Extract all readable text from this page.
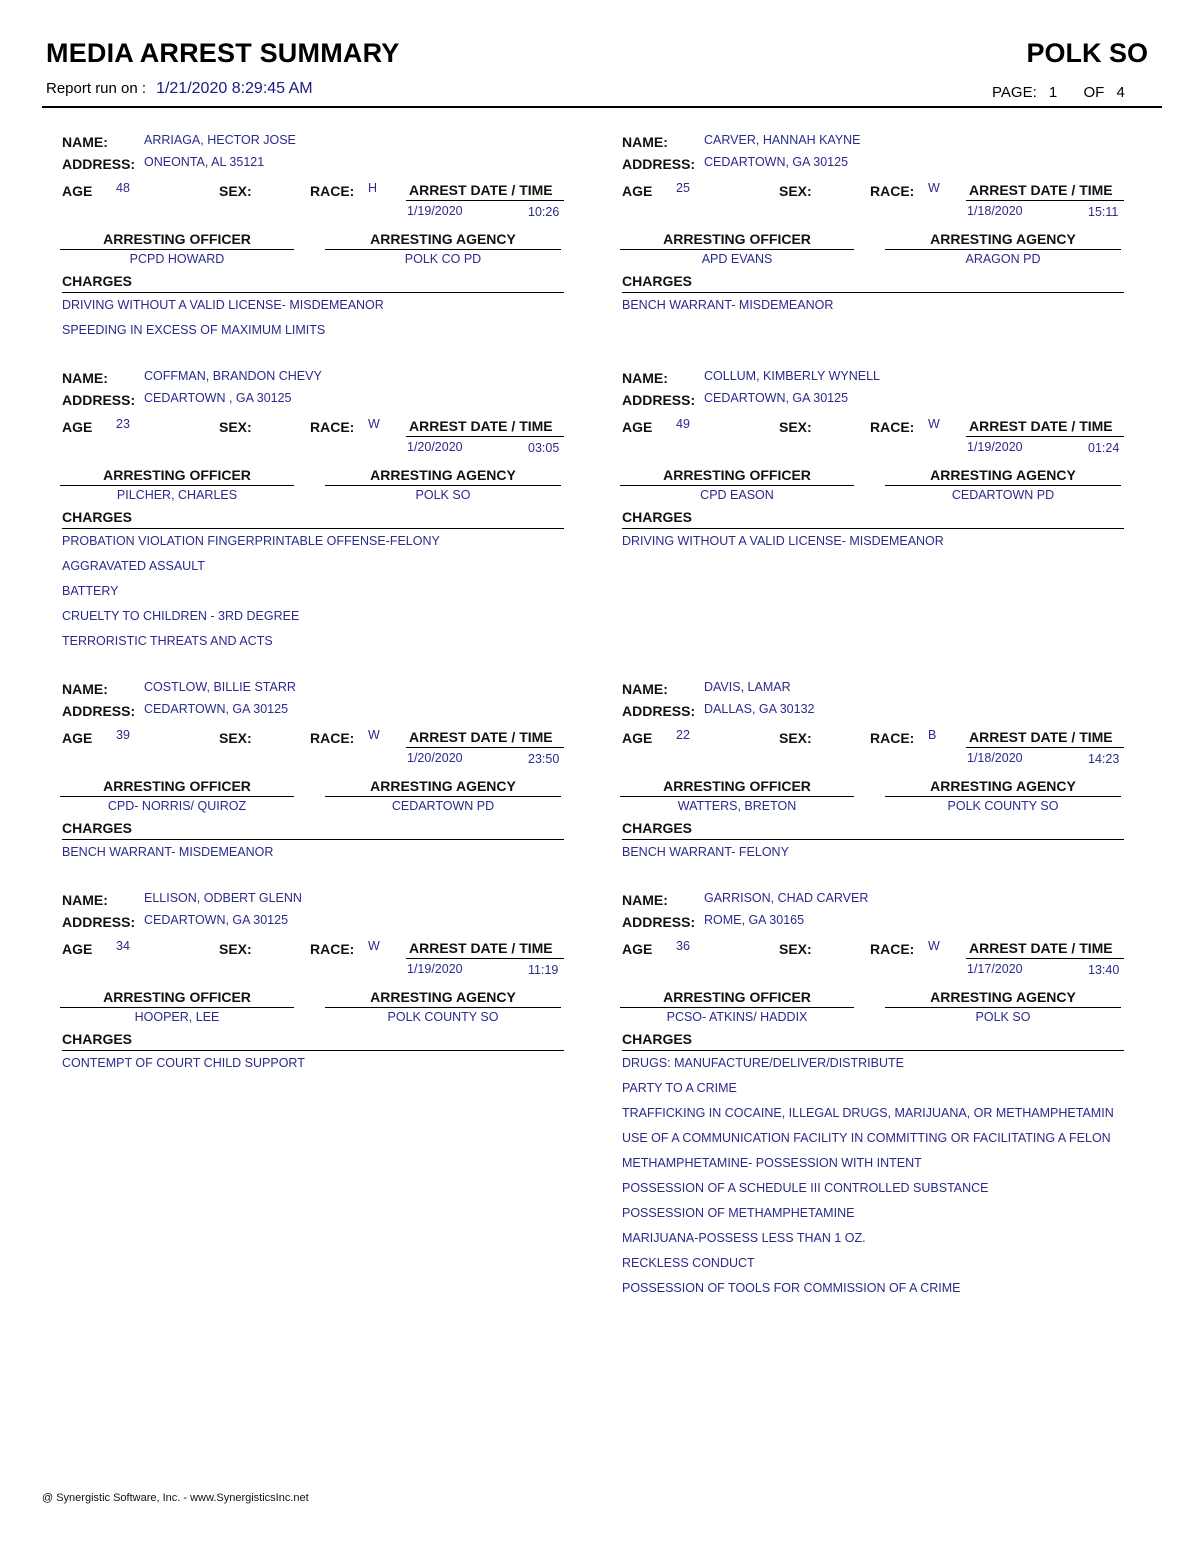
MEDIA ARREST SUMMARY	POLK SO
Report run on : 1/21/2020 8:29:45 AM	PAGE: 1 OF 4
NAME:	ARRIAGA, HECTOR JOSE
ADDRESS: ONEONTA, AL 35121
AGE 48	SEX:	RACE: H ARREST DATE / TIME
1/19/2020	10:26
ARRESTING OFFICER
PCPD HOWARD
ARRESTING AGENCY
POLK CO PD
CHARGES
DRIVING WITHOUT A VALID LICENSE- MISDEMEANOR
SPEEDING IN EXCESS OF MAXIMUM LIMITS
NAME:	CARVER, HANNAH KAYNE
ADDRESS: CEDARTOWN, GA 30125
AGE 25	SEX:	RACE: W ARREST DATE / TIME
1/18/2020	15:11
ARRESTING OFFICER
APD EVANS
ARRESTING AGENCY
ARAGON PD
CHARGES
BENCH WARRANT- MISDEMEANOR
NAME:	COFFMAN, BRANDON CHEVY
ADDRESS: CEDARTOWN , GA 30125
AGE 23	SEX:	RACE: W ARREST DATE / TIME
1/20/2020	03:05
ARRESTING OFFICER
PILCHER, CHARLES
ARRESTING AGENCY
POLK SO
CHARGES
PROBATION VIOLATION FINGERPRINTABLE OFFENSE-FELONY
AGGRAVATED ASSAULT
BATTERY
CRUELTY TO CHILDREN - 3RD DEGREE
TERRORISTIC THREATS AND ACTS
NAME:	COLLUM, KIMBERLY WYNELL
ADDRESS: CEDARTOWN, GA 30125
AGE 49	SEX:	RACE: W ARREST DATE / TIME
1/19/2020	01:24
ARRESTING OFFICER
CPD EASON
ARRESTING AGENCY
CEDARTOWN PD
CHARGES
DRIVING WITHOUT A VALID LICENSE- MISDEMEANOR
NAME:	COSTLOW, BILLIE STARR
ADDRESS: CEDARTOWN, GA 30125
AGE 39	SEX:	RACE: W ARREST DATE / TIME
1/20/2020	23:50
ARRESTING OFFICER
CPD- NORRIS/ QUIROZ
ARRESTING AGENCY
CEDARTOWN PD
CHARGES
BENCH WARRANT- MISDEMEANOR
NAME:	DAVIS, LAMAR
ADDRESS: DALLAS, GA 30132
AGE 22	SEX:	RACE: B ARREST DATE / TIME
1/18/2020	14:23
ARRESTING OFFICER
WATTERS, BRETON
ARRESTING AGENCY
POLK COUNTY SO
CHARGES
BENCH WARRANT- FELONY
NAME:	ELLISON, ODBERT GLENN
ADDRESS: CEDARTOWN, GA 30125
AGE 34	SEX:	RACE: W ARREST DATE / TIME
1/19/2020	11:19
ARRESTING OFFICER
HOOPER, LEE
ARRESTING AGENCY
POLK COUNTY SO
CHARGES
CONTEMPT OF COURT CHILD SUPPORT
NAME:	GARRISON, CHAD CARVER
ADDRESS: ROME, GA 30165
AGE 36	SEX:	RACE: W ARREST DATE / TIME
1/17/2020	13:40
ARRESTING OFFICER
PCSO- ATKINS/ HADDIX
ARRESTING AGENCY
POLK SO
CHARGES
DRUGS: MANUFACTURE/DELIVER/DISTRIBUTE
PARTY TO A CRIME
TRAFFICKING IN COCAINE, ILLEGAL DRUGS, MARIJUANA, OR METHAMPHETAMIN
USE OF A COMMUNICATION FACILITY IN COMMITTING OR FACILITATING A FELON
METHAMPHETAMINE- POSSESSION WITH INTENT
POSSESSION OF A SCHEDULE III CONTROLLED SUBSTANCE
POSSESSION OF METHAMPHETAMINE
MARIJUANA-POSSESS LESS THAN 1 OZ.
RECKLESS CONDUCT
POSSESSION OF TOOLS FOR COMMISSION OF A CRIME
@ Synergistic Software, Inc. - www.SynergisticsInc.net
